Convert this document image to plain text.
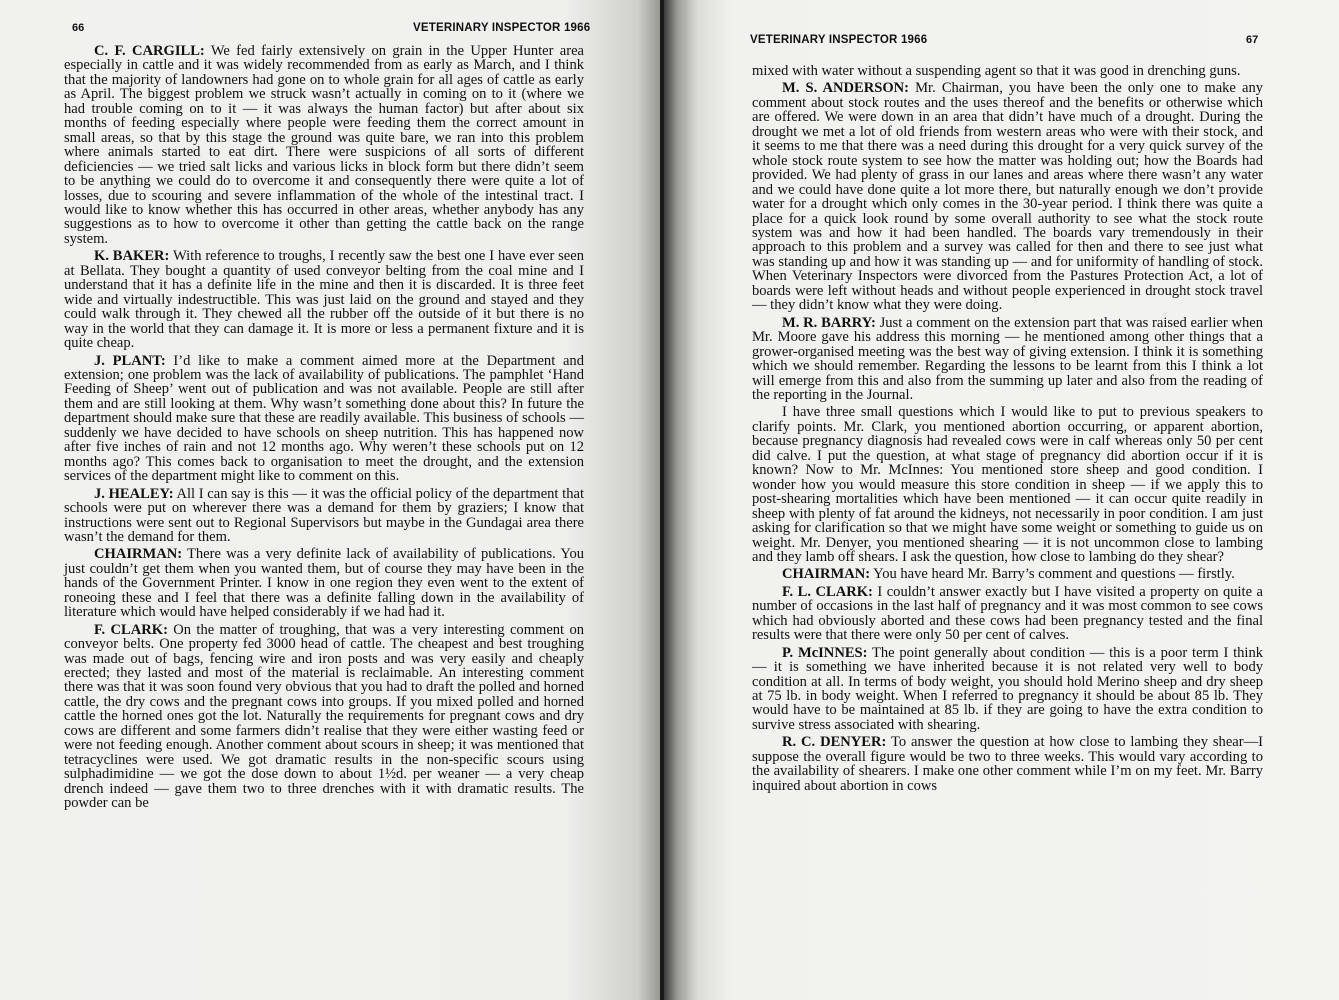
66	VETERINARY INSPECTOR 1966

C. F. CARGILL: We fed fairly extensively on grain in the Upper Hunter area especially in cattle and it was widely recommended from as early as March, and I think that the majority of landowners had gone on to whole grain for all ages of cattle as early as April. The biggest problem we struck wasn’t actually in coming on to it (where we had trouble coming on to it — it was always the human factor) but after about six months of feeding especially where people were feeding them the correct amount in small areas, so that by this stage the ground was quite bare, we ran into this problem where animals started to eat dirt. There were suspicions of all sorts of different deficiencies — we tried salt licks and various licks in block form but there didn’t seem to be anything we could do to overcome it and consequently there were quite a lot of losses, due to scouring and severe inflammation of the whole of the intestinal tract. I would like to know whether this has occurred in other areas, whether anybody has any suggestions as to how to overcome it other than getting the cattle back on the range system.

K. BAKER: With reference to troughs, I recently saw the best one I have ever seen at Bellata. They bought a quantity of used conveyor belting from the coal mine and I understand that it has a definite life in the mine and then it is discarded. It is three feet wide and virtually indestructible. This was just laid on the ground and stayed and they could walk through it. They chewed all the rubber off the outside of it but there is no way in the world that they can damage it. It is more or less a permanent fixture and it is quite cheap.

J. PLANT: I’d like to make a comment aimed more at the Department and extension; one problem was the lack of availability of publications. The pamphlet ‘Hand Feeding of Sheep’ went out of publication and was not available. People are still after them and are still looking at them. Why wasn’t something done about this? In future the department should make sure that these are readily available. This business of schools — suddenly we have decided to have schools on sheep nutrition. This has happened now after five inches of rain and not 12 months ago. Why weren’t these schools put on 12 months ago? This comes back to organisation to meet the drought, and the extension services of the department might like to comment on this.

J. HEALEY: All I can say is this — it was the official policy of the department that schools were put on wherever there was a demand for them by graziers; I know that instructions were sent out to Regional Supervisors but maybe in the Gundagai area there wasn’t the demand for them.

CHAIRMAN: There was a very definite lack of availability of publications. You just couldn’t get them when you wanted them, but of course they may have been in the hands of the Government Printer. I know in one region they even went to the extent of roneoing these and I feel that there was a definite falling down in the availability of literature which would have helped considerably if we had had it.

F. CLARK: On the matter of troughing, that was a very interesting comment on conveyor belts. One property fed 3000 head of cattle. The cheapest and best troughing was made out of bags, fencing wire and iron posts and was very easily and cheaply erected; they lasted and most of the material is reclaimable. An interesting comment there was that it was soon found very obvious that you had to draft the polled and horned cattle, the dry cows and the pregnant cows into groups. If you mixed polled and horned cattle the horned ones got the lot. Naturally the requirements for pregnant cows and dry cows are different and some farmers didn’t realise that they were either wasting feed or were not feeding enough. Another comment about scours in sheep; it was mentioned that tetracyclines were used. We got dramatic results in the non-specific scours using sulphadimidine — we got the dose down to about 1½d. per weaner — a very cheap drench indeed — gave them two to three drenches with it with dramatic results. The powder can be

VETERINARY INSPECTOR 1966	67

mixed with water without a suspending agent so that it was good in drenching guns.

M. S. ANDERSON: Mr. Chairman, you have been the only one to make any comment about stock routes and the uses thereof and the benefits or otherwise which are offered. We were down in an area that didn’t have much of a drought. During the drought we met a lot of old friends from western areas who were with their stock, and it seems to me that there was a need during this drought for a very quick survey of the whole stock route system to see how the matter was holding out; how the Boards had provided. We had plenty of grass in our lanes and areas where there wasn’t any water and we could have done quite a lot more there, but naturally enough we don’t provide water for a drought which only comes in the 30-year period. I think there was quite a place for a quick look round by some overall authority to see what the stock route system was and how it had been handled. The boards vary tremendously in their approach to this problem and a survey was called for then and there to see just what was standing up and how it was standing up — and for uniformity of handling of stock. When Veterinary Inspectors were divorced from the Pastures Protection Act, a lot of boards were left without heads and without people experienced in drought stock travel — they didn’t know what they were doing.

M. R. BARRY: Just a comment on the extension part that was raised earlier when Mr. Moore gave his address this morning — he mentioned among other things that a grower-organised meeting was the best way of giving extension. I think it is something which we should remember. Regarding the lessons to be learnt from this I think a lot will emerge from this and also from the summing up later and also from the reading of the reporting in the Journal.

I have three small questions which I would like to put to previous speakers to clarify points. Mr. Clark, you mentioned abortion occurring, or apparent abortion, because pregnancy diagnosis had revealed cows were in calf whereas only 50 per cent did calve. I put the question, at what stage of pregnancy did abortion occur if it is known? Now to Mr. McInnes: You mentioned store sheep and good condition. I wonder how you would measure this store condition in sheep — if we apply this to post-shearing mortalities which have been mentioned — it can occur quite readily in sheep with plenty of fat around the kidneys, not necessarily in poor condition. I am just asking for clarification so that we might have some weight or something to guide us on weight. Mr. Denyer, you mentioned shearing — it is not uncommon close to lambing and they lamb off shears. I ask the question, how close to lambing do they shear?

CHAIRMAN: You have heard Mr. Barry’s comment and questions — firstly.

F. L. CLARK: I couldn’t answer exactly but I have visited a property on quite a number of occasions in the last half of pregnancy and it was most common to see cows which had obviously aborted and these cows had been pregnancy tested and the final results were that there were only 50 per cent of calves.

P. McINNES: The point generally about condition — this is a poor term I think — it is something we have inherited because it is not related very well to body condition at all. In terms of body weight, you should hold Merino sheep and dry sheep at 75 lb. in body weight. When I referred to pregnancy it should be about 85 lb. They would have to be maintained at 85 lb. if they are going to have the extra condition to survive stress associated with shearing.

R. C. DENYER: To answer the question at how close to lambing they shear—I suppose the overall figure would be two to three weeks. This would vary according to the availability of shearers. I make one other comment while I’m on my feet. Mr. Barry inquired about abortion in cows
